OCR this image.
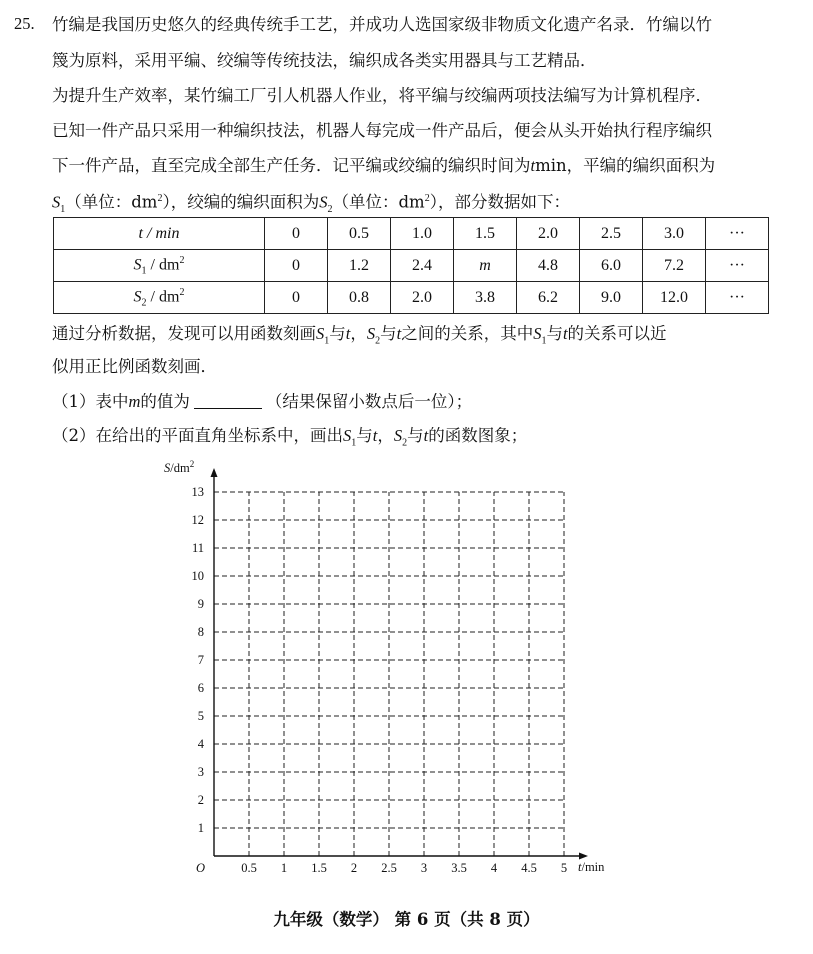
25. 竹编是我国历史悠久的经典传统手工艺，并成功人选国家级非物质文化遗产名录．竹编以竹
篾为原料，采用平编、绞编等传统技法，编织成各类实用器具与工艺精品．
为提升生产效率，某竹编工厂引人机器人作业，将平编与绞编两项技法编写为计算机程序．
已知一件产品只采用一种编织技法，机器人每完成一件产品后，便会从头开始执行程序编织
下一件产品，直至完成全部生产任务．记平编或绞编的编织时间为tmin，平编的编织面积为
$S_1$（单位：$dm^2$），绞编的编织面积为$S_2$（单位：$dm^2$），部分数据如下：
t / min	0	0.5	1.0	1.5	2.0	2.5	3.0	···
$S_1 / dm^2$	0	1.2	2.4	m	4.8	6.0	7.2	···
$S_2 / dm^2$	0	0.8	2.0	3.8	6.2	9.0	12.0	···
通过分析数据，发现可以用函数刻画$S_1$与t，$S_2$与t之间的关系，其中$S_1$与t的关系可以近
似用正比例函数刻画．
（1）表中m的值为	（结果保留小数点后一位）；
（2）在给出的平面直角坐标系中，画出$S_1$与t，$S_2$与t的函数图象；
0.5 1 1.5 2 2.5 3 3.5 4 4.5 5
1
2
3
4
5
6
7
8
9
10
11
12
13
$S/dm^2$
t/min
O
九年级（数学） 第 6 页（共 8 页）
